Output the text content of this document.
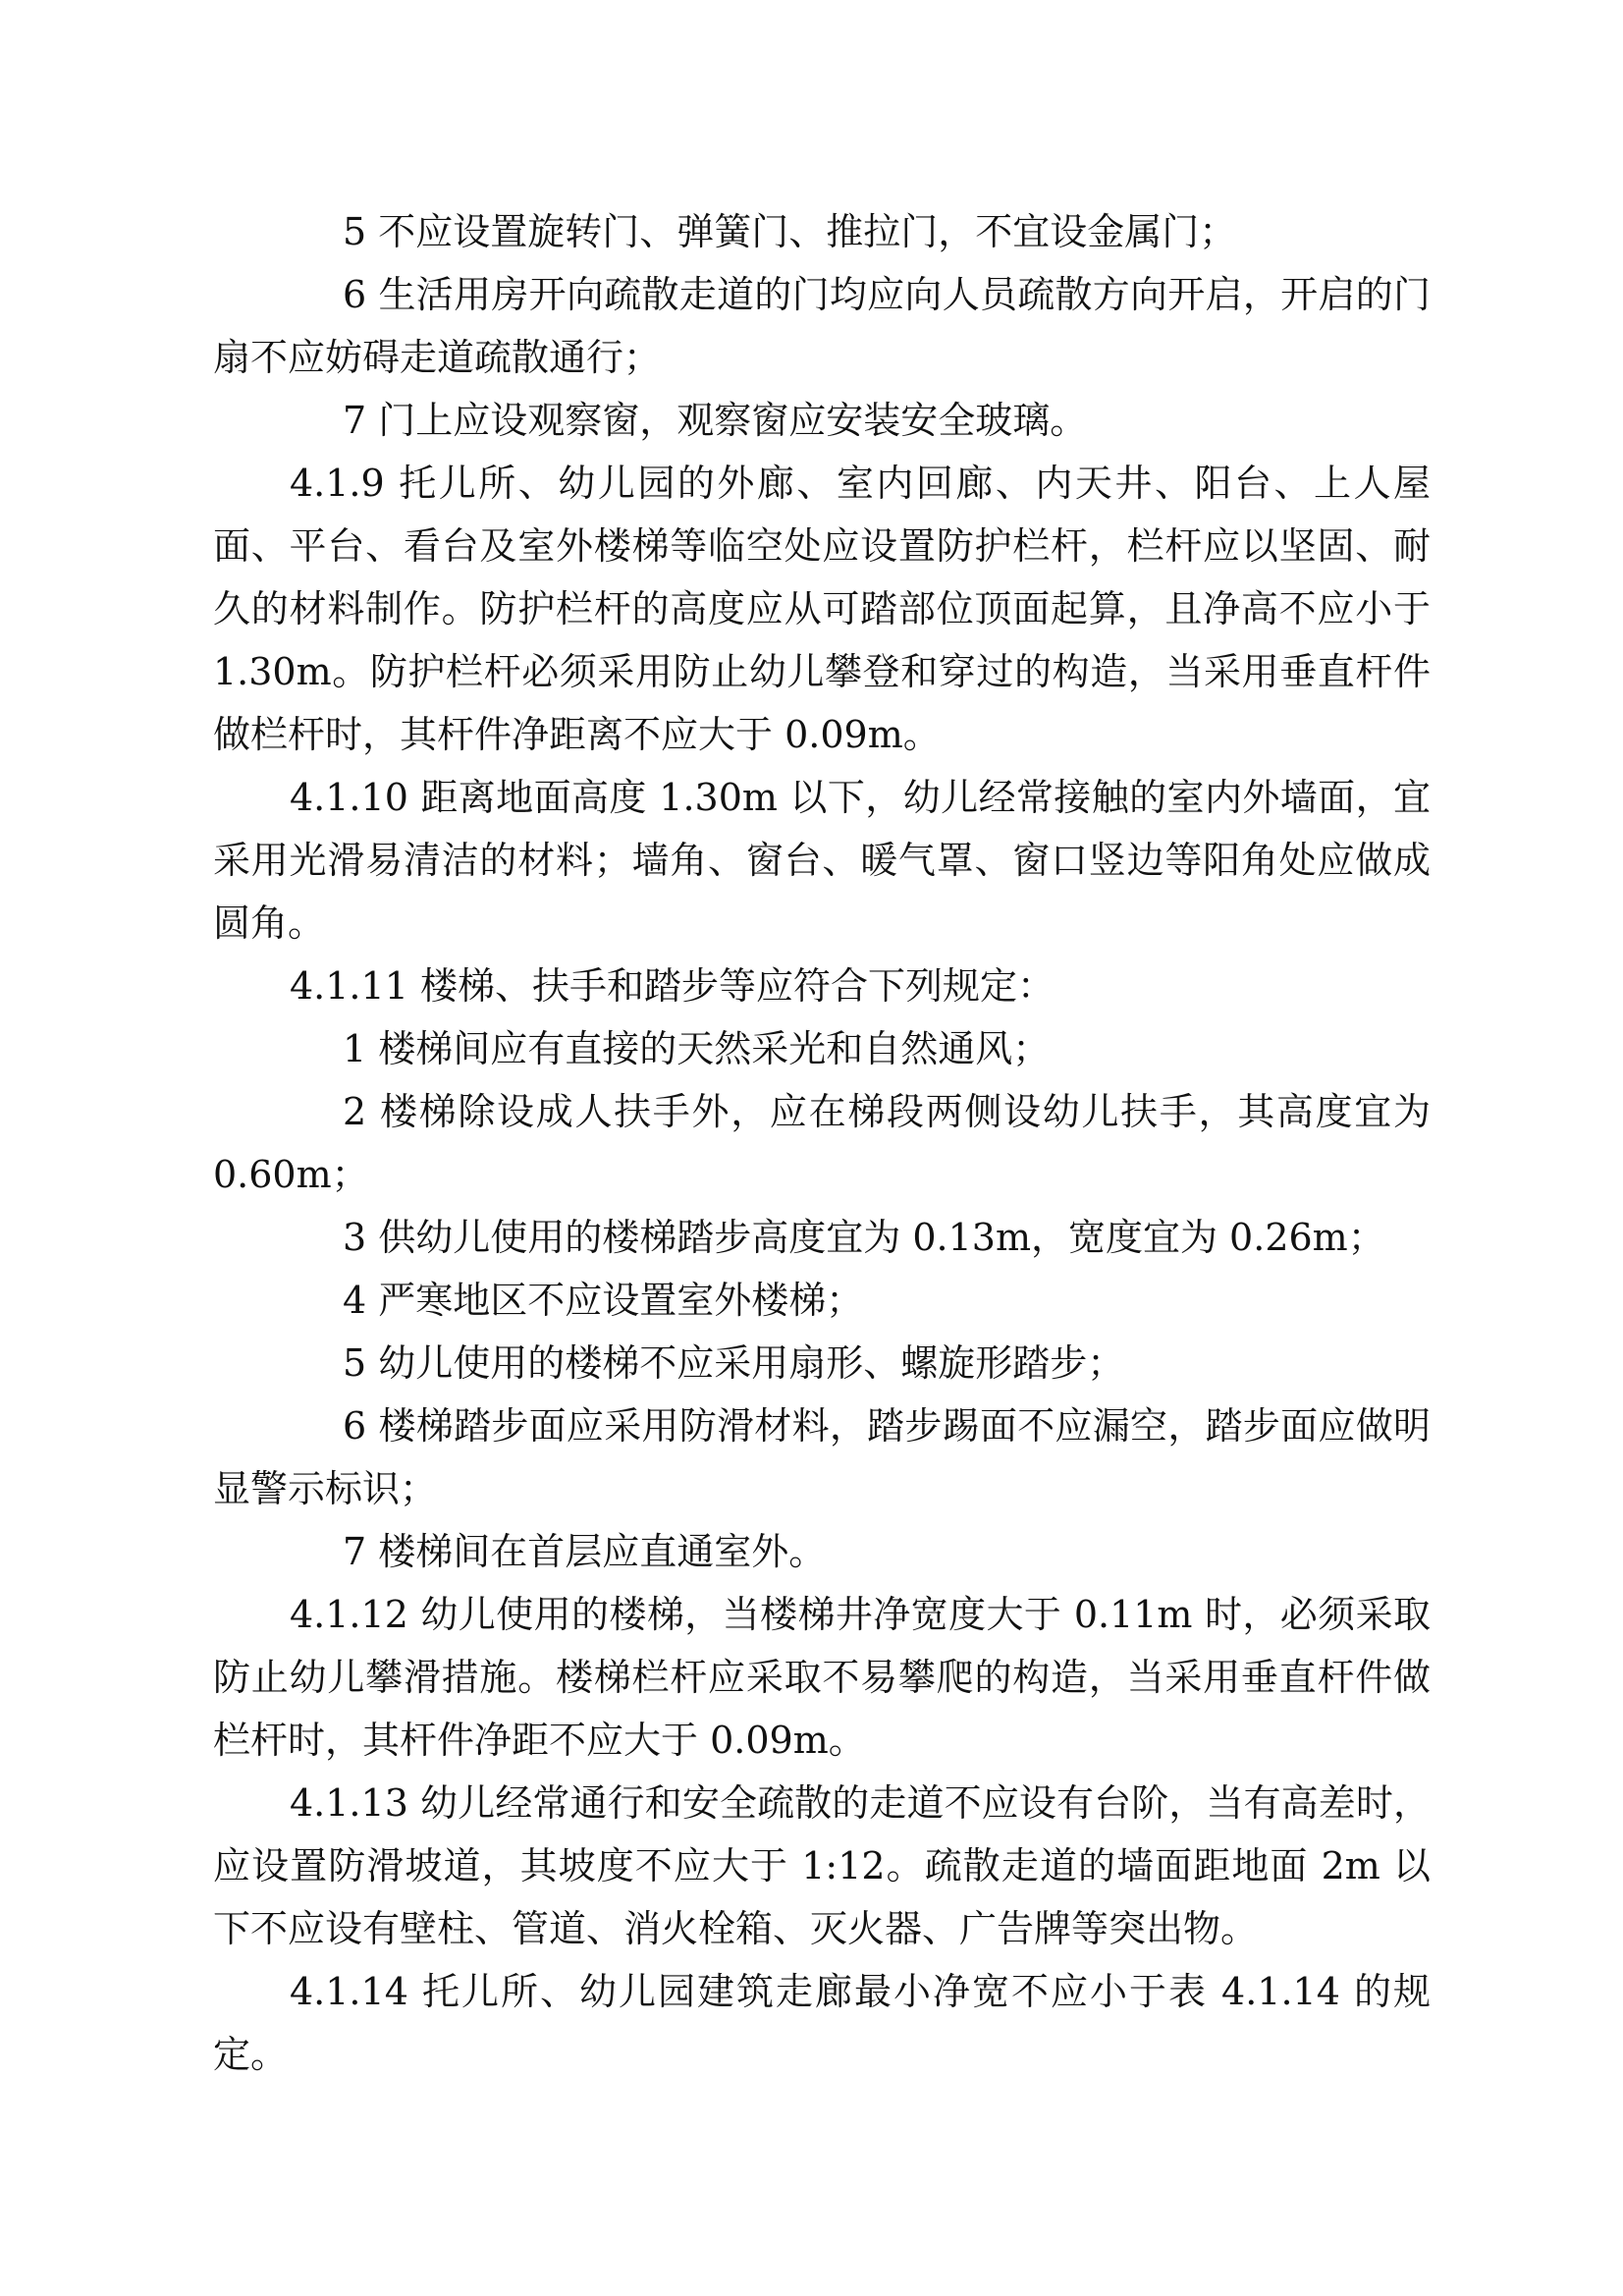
5 不应设置旋转门、弹簧门、推拉门，不宜设金属门；

6 生活用房开向疏散走道的门均应向人员疏散方向开启，开启的门扇不应妨碍走道疏散通行；

7 门上应设观察窗，观察窗应安装安全玻璃。

4.1.9 托儿所、幼儿园的外廊、室内回廊、内天井、阳台、上人屋面、平台、看台及室外楼梯等临空处应设置防护栏杆，栏杆应以坚固、耐久的材料制作。防护栏杆的高度应从可踏部位顶面起算，且净高不应小于 1.30m。防护栏杆必须采用防止幼儿攀登和穿过的构造，当采用垂直杆件做栏杆时，其杆件净距离不应大于 0.09m。

4.1.10 距离地面高度 1.30m 以下，幼儿经常接触的室内外墙面，宜采用光滑易清洁的材料；墙角、窗台、暖气罩、窗口竖边等阳角处应做成圆角。

4.1.11 楼梯、扶手和踏步等应符合下列规定：

1 楼梯间应有直接的天然采光和自然通风；

2 楼梯除设成人扶手外，应在梯段两侧设幼儿扶手，其高度宜为 0.60m；

3 供幼儿使用的楼梯踏步高度宜为 0.13m，宽度宜为 0.26m；

4 严寒地区不应设置室外楼梯；

5 幼儿使用的楼梯不应采用扇形、螺旋形踏步；

6 楼梯踏步面应采用防滑材料，踏步踢面不应漏空，踏步面应做明显警示标识；

7 楼梯间在首层应直通室外。

4.1.12 幼儿使用的楼梯，当楼梯井净宽度大于 0.11m 时，必须采取防止幼儿攀滑措施。楼梯栏杆应采取不易攀爬的构造，当采用垂直杆件做栏杆时，其杆件净距不应大于 0.09m。

4.1.13 幼儿经常通行和安全疏散的走道不应设有台阶，当有高差时，应设置防滑坡道，其坡度不应大于 1:12。疏散走道的墙面距地面 2m 以下不应设有壁柱、管道、消火栓箱、灭火器、广告牌等突出物。

4.1.14 托儿所、幼儿园建筑走廊最小净宽不应小于表 4.1.14 的规定。
